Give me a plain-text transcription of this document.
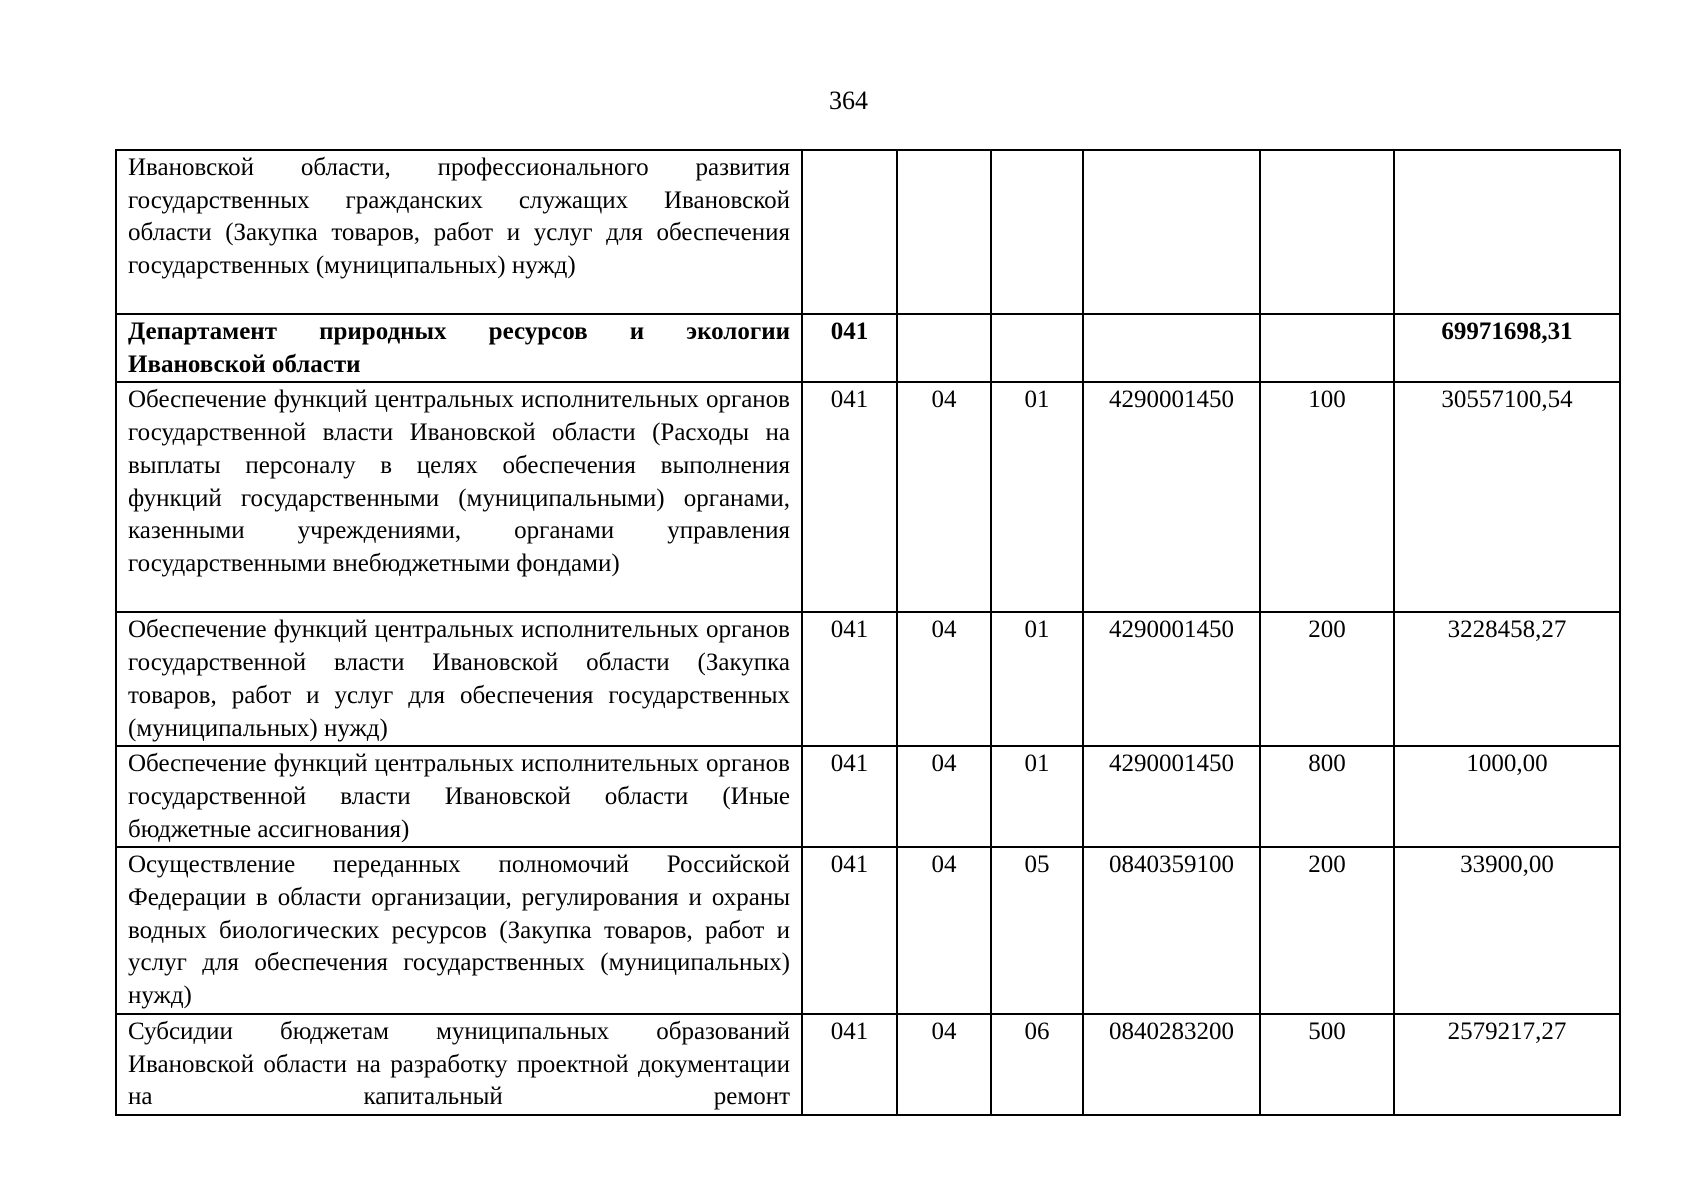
364
Ивановской области, профессионального развития государственных гражданских служащих Ивановской области (Закупка товаров, работ и услуг для обеспечения государственных (муниципальных) нужд)						
Департамент природных ресурсов и экологии Ивановской области	041					69971698,31
Обеспечение функций центральных исполнительных органов государственной власти Ивановской области (Расходы на выплаты персоналу в целях обеспечения выполнения функций государственными (муниципальными) органами, казенными учреждениями, органами управления государственными внебюджетными фондами)	041	04	01	4290001450	100	30557100,54
Обеспечение функций центральных исполнительных органов государственной власти Ивановской области (Закупка товаров, работ и услуг для обеспечения государственных (муниципальных) нужд)	041	04	01	4290001450	200	3228458,27
Обеспечение функций центральных исполнительных органов государственной власти Ивановской области (Иные бюджетные ассигнования)	041	04	01	4290001450	800	1000,00
Осуществление переданных полномочий Российской Федерации в области организации, регулирования и охраны водных биологических ресурсов (Закупка товаров, работ и услуг для обеспечения государственных (муниципальных) нужд)	041	04	05	0840359100	200	33900,00
Субсидии бюджетам муниципальных образований Ивановской области на разработку проектной документации на капитальный ремонт	041	04	06	0840283200	500	2579217,27
